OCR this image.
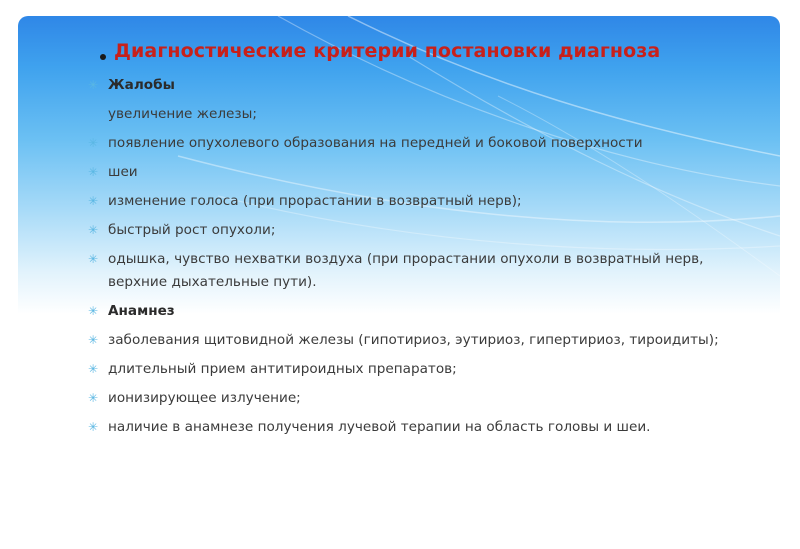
Диагностические критерии постановки диагноза
✳ Жалобы
увеличение железы;
✳ появление опухолевого образования на передней и боковой поверхности
✳ шеи
✳ изменение голоса (при прорастании в возвратный нерв);
✳ быстрый рост опухоли;
✳ одышка, чувство нехватки воздуха (при прорастании опухоли в возвратный нерв, верхние дыхательные пути).
✳ Анамнез
✳ заболевания щитовидной железы (гипотириоз, эутириоз, гипертириоз, тироидиты);
✳ длительный прием антитироидных препаратов;
✳ ионизирующее излучение;
✳ наличие в анамнезе получения лучевой терапии на область головы и шеи.
